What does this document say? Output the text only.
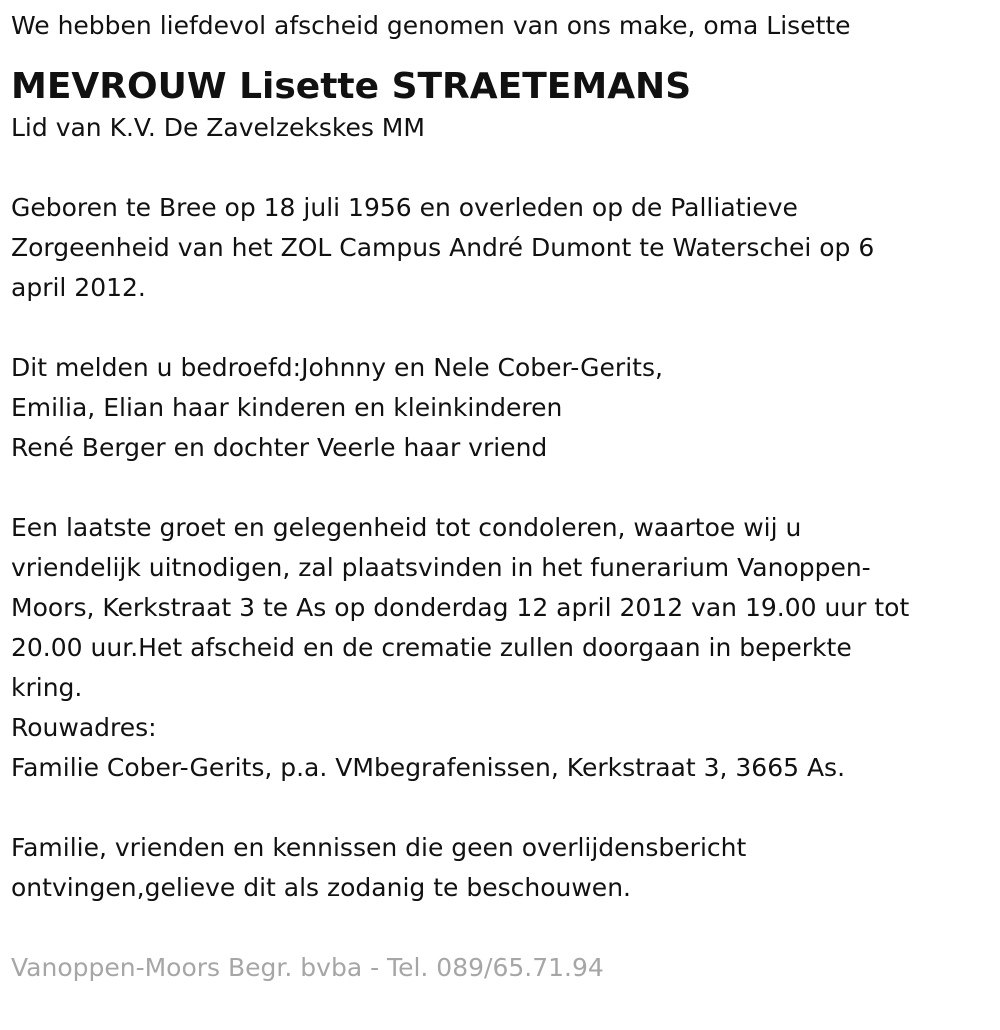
We hebben liefdevol afscheid genomen van ons make, oma Lisette

MEVROUW Lisette STRAETEMANS

Lid van K.V. De Zavelzekskes MM

Geboren te Bree op 18 juli 1956 en overleden op de Palliatieve

Zorgeenheid van het ZOL Campus André Dumont te Waterschei op 6

april 2012.

Dit melden u bedroefd:Johnny en Nele Cober-Gerits,

Emilia, Elian haar kinderen en kleinkinderen

René Berger en dochter Veerle haar vriend

Een laatste groet en gelegenheid tot condoleren, waartoe wij u

vriendelijk uitnodigen, zal plaatsvinden in het funerarium Vanoppen-

Moors, Kerkstraat 3 te As op donderdag 12 april 2012 van 19.00 uur tot

20.00 uur.Het afscheid en de crematie zullen doorgaan in beperkte

kring.

Rouwadres:

Familie Cober-Gerits, p.a. VMbegrafenissen, Kerkstraat 3, 3665 As.

Familie, vrienden en kennissen die geen overlijdensbericht

ontvingen,gelieve dit als zodanig te beschouwen.

Vanoppen-Moors Begr. bvba - Tel. 089/65.71.94
